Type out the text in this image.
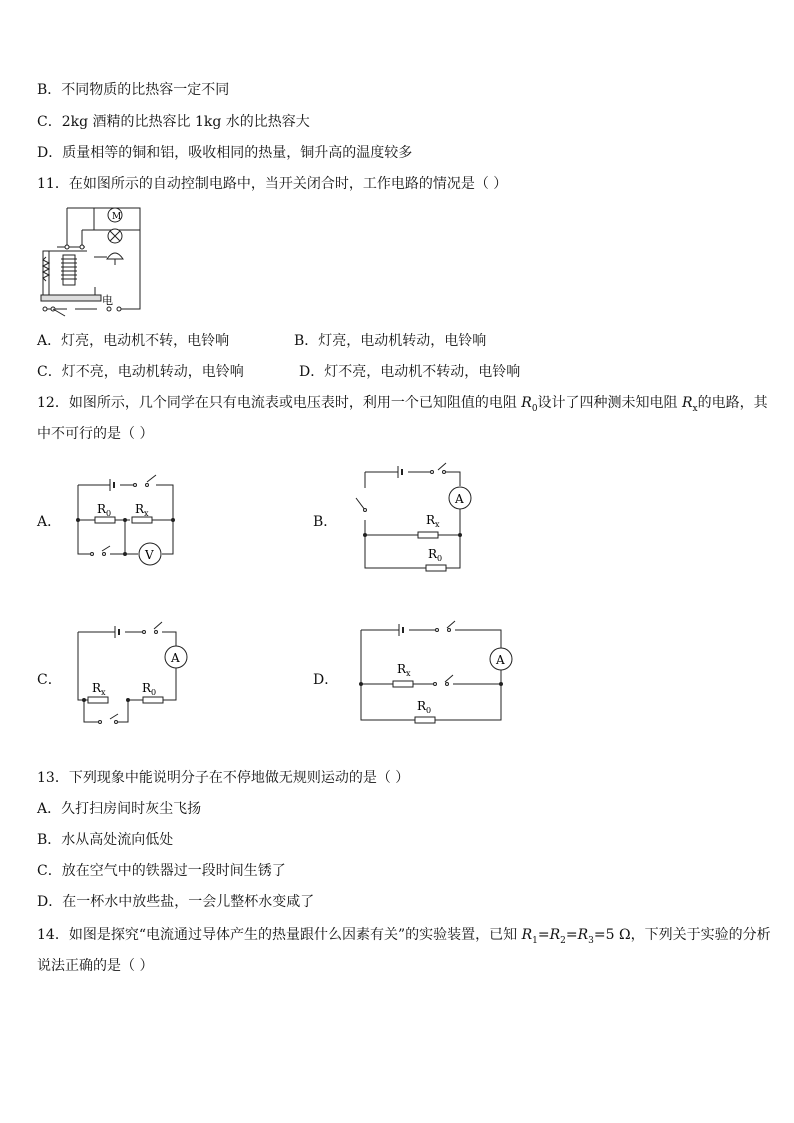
B．不同物质的比热容一定不同
C．2kg 酒精的比热容比 1kg 水的比热容大
D．质量相等的铜和铝，吸收相同的热量，铜升高的温度较多
11．在如图所示的自动控制电路中，当开关闭合时，工作电路的情况是（ ）
M
电
A．灯亮，电动机不转，电铃响	B．灯亮，电动机转动，电铃响
C．灯不亮，电动机转动，电铃响	D．灯不亮，电动机不转动，电铃响
12．如图所示，几个同学在只有电流表或电压表时，利用一个已知阻值的电阻 $R_0$设计了四种测未知电阻 $R_x$的电路，其
中不可行的是（ ）
A．
$R_0$ $R_x$
V
B．	$R_x$
$R_0$
A
C．	$R_x$	$R_0$
A
D．
$R_x$
$R_0$
A
13．下列现象中能说明分子在不停地做无规则运动的是（ ）
A．久打扫房间时灰尘飞扬
B．水从高处流向低处
C．放在空气中的铁器过一段时间生锈了
D．在一杯水中放些盐，一会儿整杯水变咸了
14．如图是探究“电流通过导体产生的热量跟什么因素有关”的实验装置，已知 $R_1=R_2=R_3=5$ Ω，下列关于实验的分析
说法正确的是（ ）
